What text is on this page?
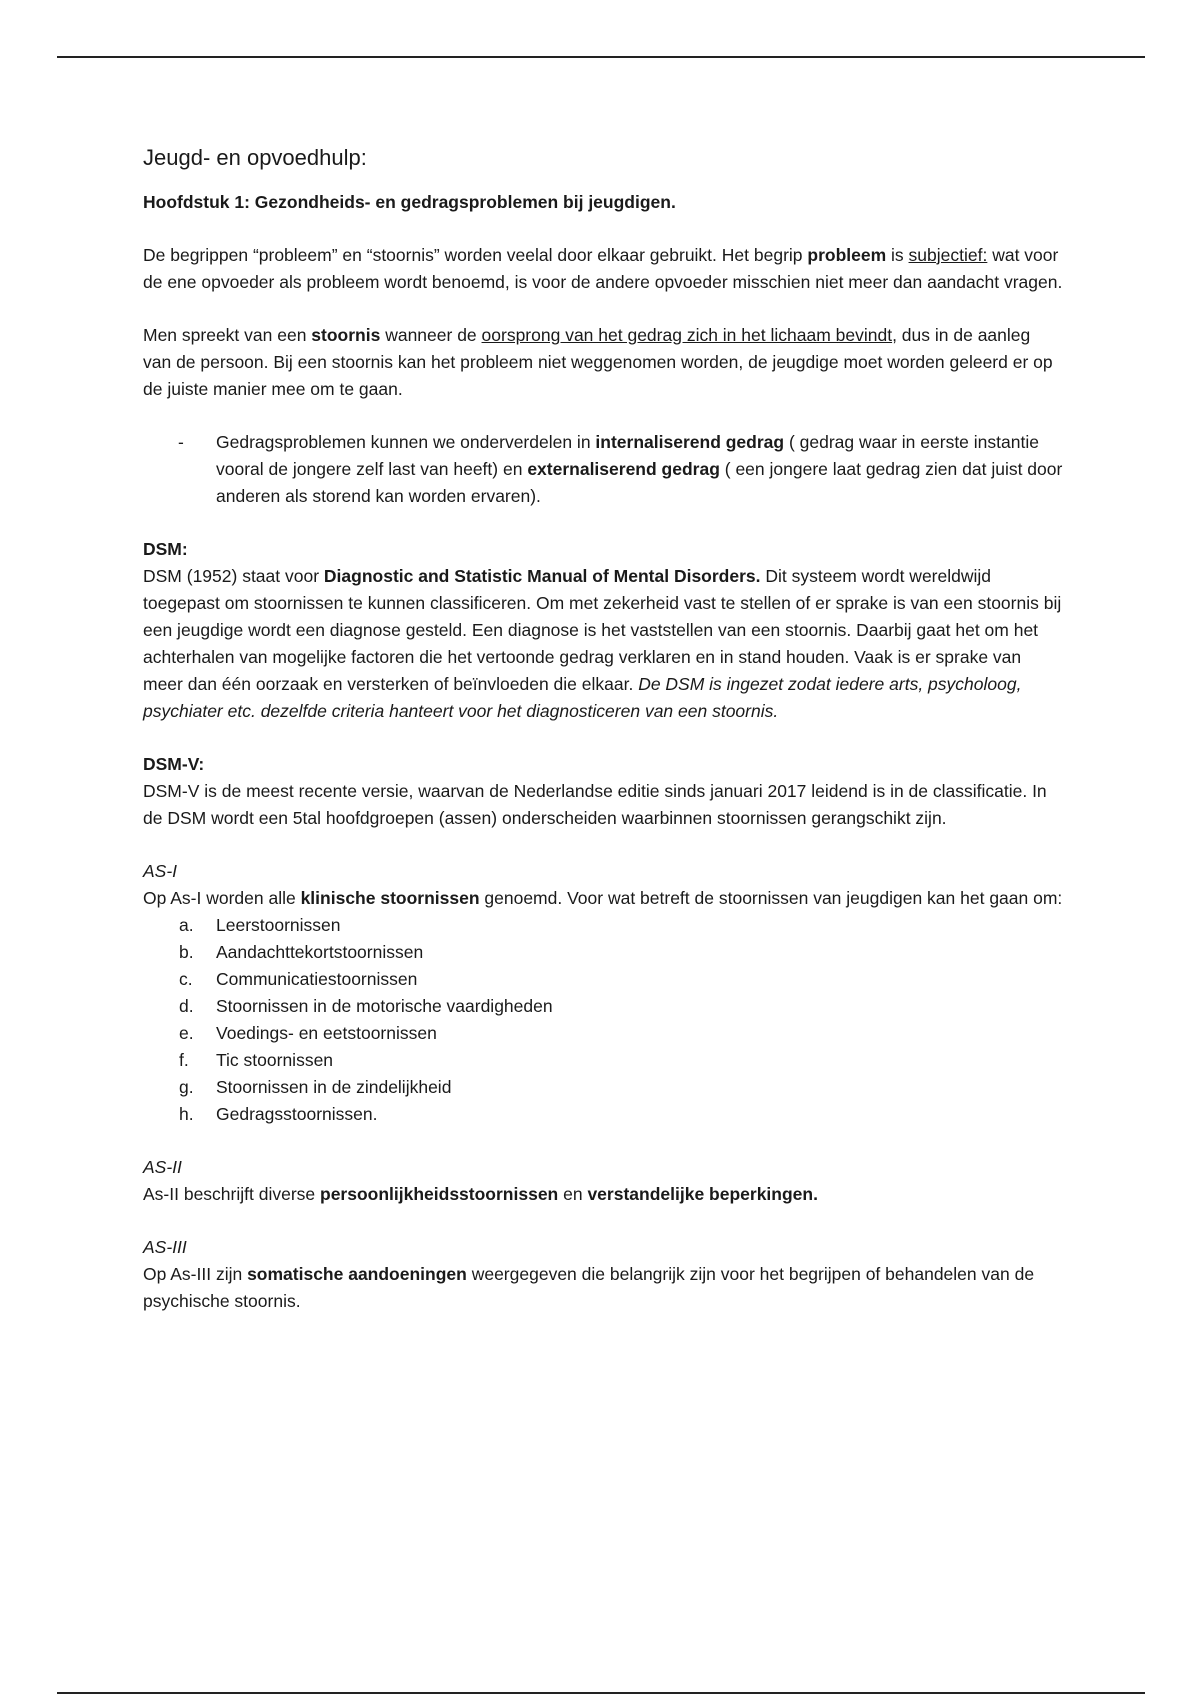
Jeugd- en opvoedhulp:
Hoofdstuk 1: Gezondheids- en gedragsproblemen bij jeugdigen.

De begrippen “probleem” en “stoornis” worden veelal door elkaar gebruikt. Het begrip probleem is subjectief: wat voor de ene opvoeder als probleem wordt benoemd, is voor de andere opvoeder misschien niet meer dan aandacht vragen.

Men spreekt van een stoornis wanneer de oorsprong van het gedrag zich in het lichaam bevindt, dus in de aanleg van de persoon. Bij een stoornis kan het probleem niet weggenomen worden, de jeugdige moet worden geleerd er op de juiste manier mee om te gaan.

- Gedragsproblemen kunnen we onderverdelen in internaliserend gedrag ( gedrag waar in eerste instantie vooral de jongere zelf last van heeft) en externaliserend gedrag ( een jongere laat gedrag zien dat juist door anderen als storend kan worden ervaren).
DSM:
DSM (1952) staat voor Diagnostic and Statistic Manual of Mental Disorders. Dit systeem wordt wereldwijd toegepast om stoornissen te kunnen classificeren. Om met zekerheid vast te stellen of er sprake is van een stoornis bij een jeugdige wordt een diagnose gesteld. Een diagnose is het vaststellen van een stoornis. Daarbij gaat het om het achterhalen van mogelijke factoren die het vertoonde gedrag verklaren en in stand houden. Vaak is er sprake van meer dan één oorzaak en versterken of beïnvloeden die elkaar. De DSM is ingezet zodat iedere arts, psycholoog, psychiater etc. dezelfde criteria hanteert voor het diagnosticeren van een stoornis.
DSM-V:
DSM-V is de meest recente versie, waarvan de Nederlandse editie sinds januari 2017 leidend is in de classificatie. In de DSM wordt een 5tal hoofdgroepen (assen) onderscheiden waarbinnen stoornissen gerangschikt zijn.
AS-I
Op As-I worden alle klinische stoornissen genoemd. Voor wat betreft de stoornissen van jeugdigen kan het gaan om:
a. Leerstoornissen
b. Aandachttekortstoornissen
c. Communicatiestoornissen
d. Stoornissen in de motorische vaardigheden
e. Voedings- en eetstoornissen
f. Tic stoornissen
g. Stoornissen in de zindelijkheid
h. Gedragsstoornissen.
AS-II
As-II beschrijft diverse persoonlijkheidsstoornissen en verstandelijke beperkingen.
AS-III
Op As-III zijn somatische aandoeningen weergegeven die belangrijk zijn voor het begrijpen of behandelen van de psychische stoornis.
